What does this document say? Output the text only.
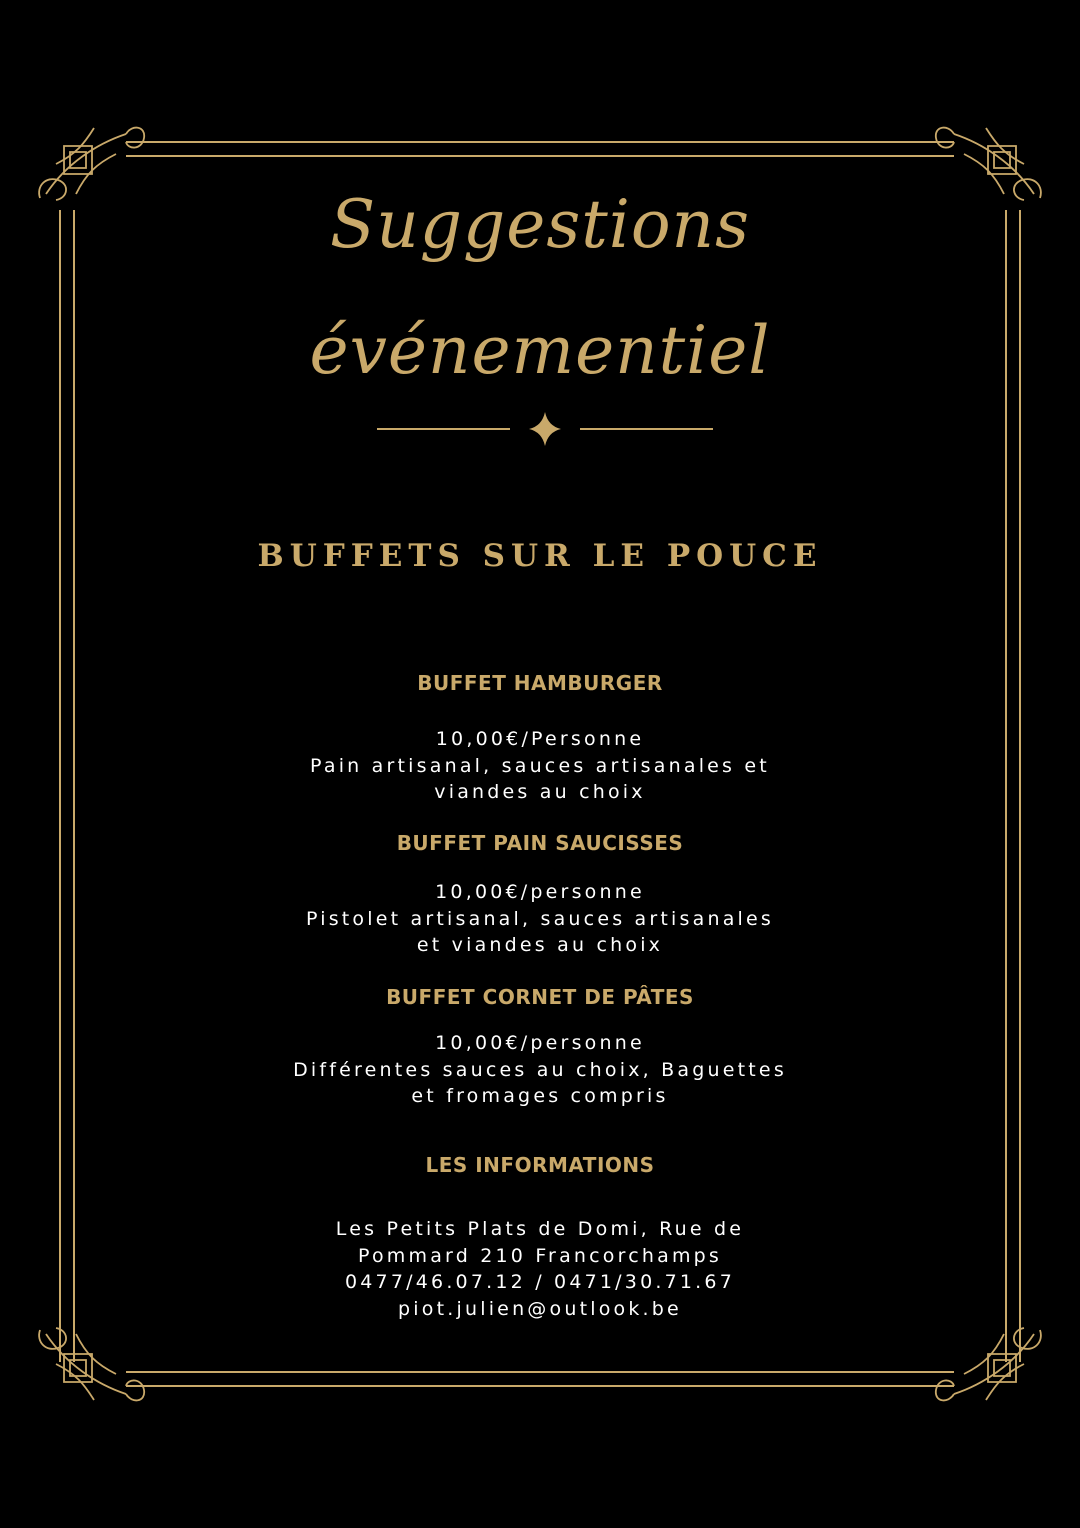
Suggestions
événementiel
BUFFETS SUR LE POUCE
BUFFET HAMBURGER
10,00€/Personne
Pain artisanal, sauces artisanales et
viandes au choix
BUFFET PAIN SAUCISSES
10,00€/personne
Pistolet artisanal, sauces artisanales
et viandes au choix
BUFFET CORNET DE PÂTES
10,00€/personne
Différentes sauces au choix, Baguettes
et fromages compris
LES INFORMATIONS
Les Petits Plats de Domi, Rue de
Pommard 210 Francorchamps
0477/46.07.12 / 0471/30.71.67
piot.julien@outlook.be
